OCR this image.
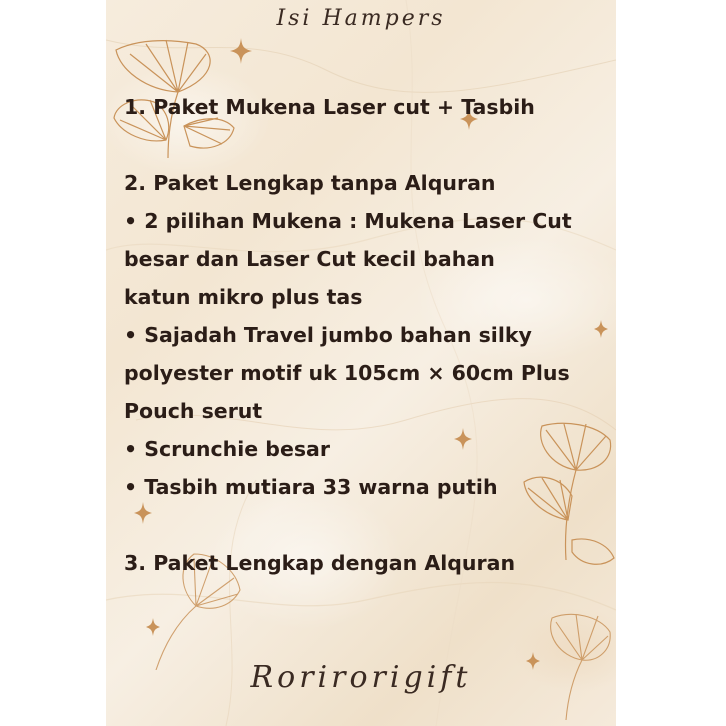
Isi Hampers
1. Paket Mukena Laser cut + Tasbih
2. Paket Lengkap tanpa Alquran
• 2 pilihan Mukena : Mukena Laser Cut
besar dan Laser Cut kecil bahan
katun mikro plus tas
• Sajadah Travel jumbo bahan silky
polyester motif uk 105cm × 60cm Plus
Pouch serut
• Scrunchie besar
• Tasbih mutiara 33 warna putih
3. Paket Lengkap dengan Alquran
Rorirorigift
